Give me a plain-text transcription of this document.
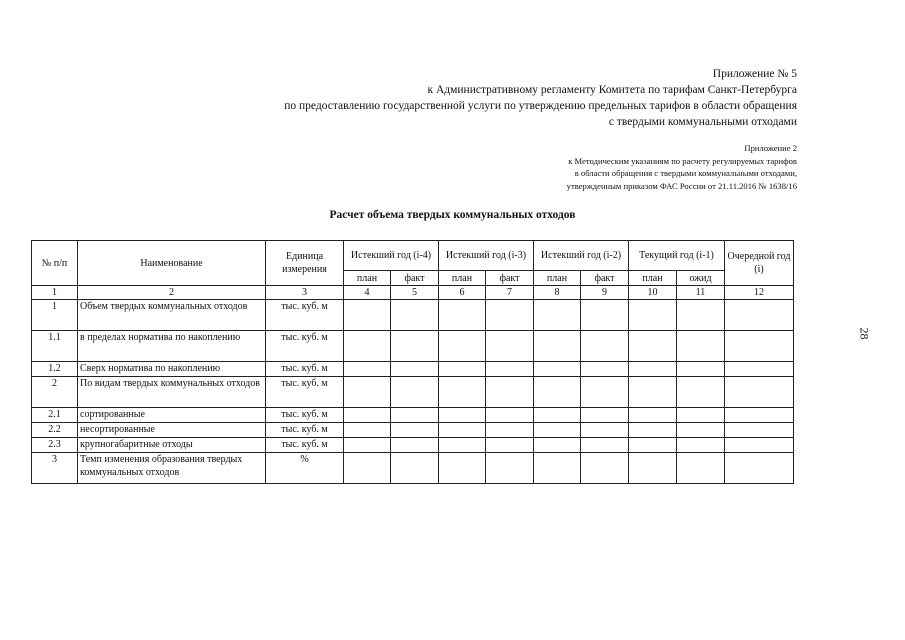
Приложение № 5
к Административному регламенту Комитета по тарифам Санкт-Петербурга
по предоставлению государственной услуги по утверждению предельных тарифов в области обращения
с твердыми коммунальными отходами
Приложение 2
к Методическим указаниям по расчету регулируемых тарифов
в области обращения с твердыми коммунальными отходами,
утвержденным приказом ФАС России от 21.11.2016 № 1638/16
Расчет объема твердых коммунальных отходов
28
№ п/п	Наименование	Единица измерения	Истекший год (i-4)		Истекший год (i-3)		Истекший год (i-2)		Текущий год (i-1)		Очередной год (i)
			план	факт	план	факт	план	факт	план	ожид	
1	2	3	4	5	6	7	8	9	10	11	12
1	Объем твердых коммунальных отходов	тыс. куб. м									
1.1	в пределах норматива по накоплению	тыс. куб. м									
1.2	Сверх норматива по накоплению	тыс. куб. м									
2	По видам твердых коммунальных отходов	тыс. куб. м									
2.1	сортированные	тыс. куб. м									
2.2	несортированные	тыс. куб. м									
2.3	крупногабаритные отходы	тыс. куб. м									
3	Темп изменения образования твердых коммунальных отходов	%									
